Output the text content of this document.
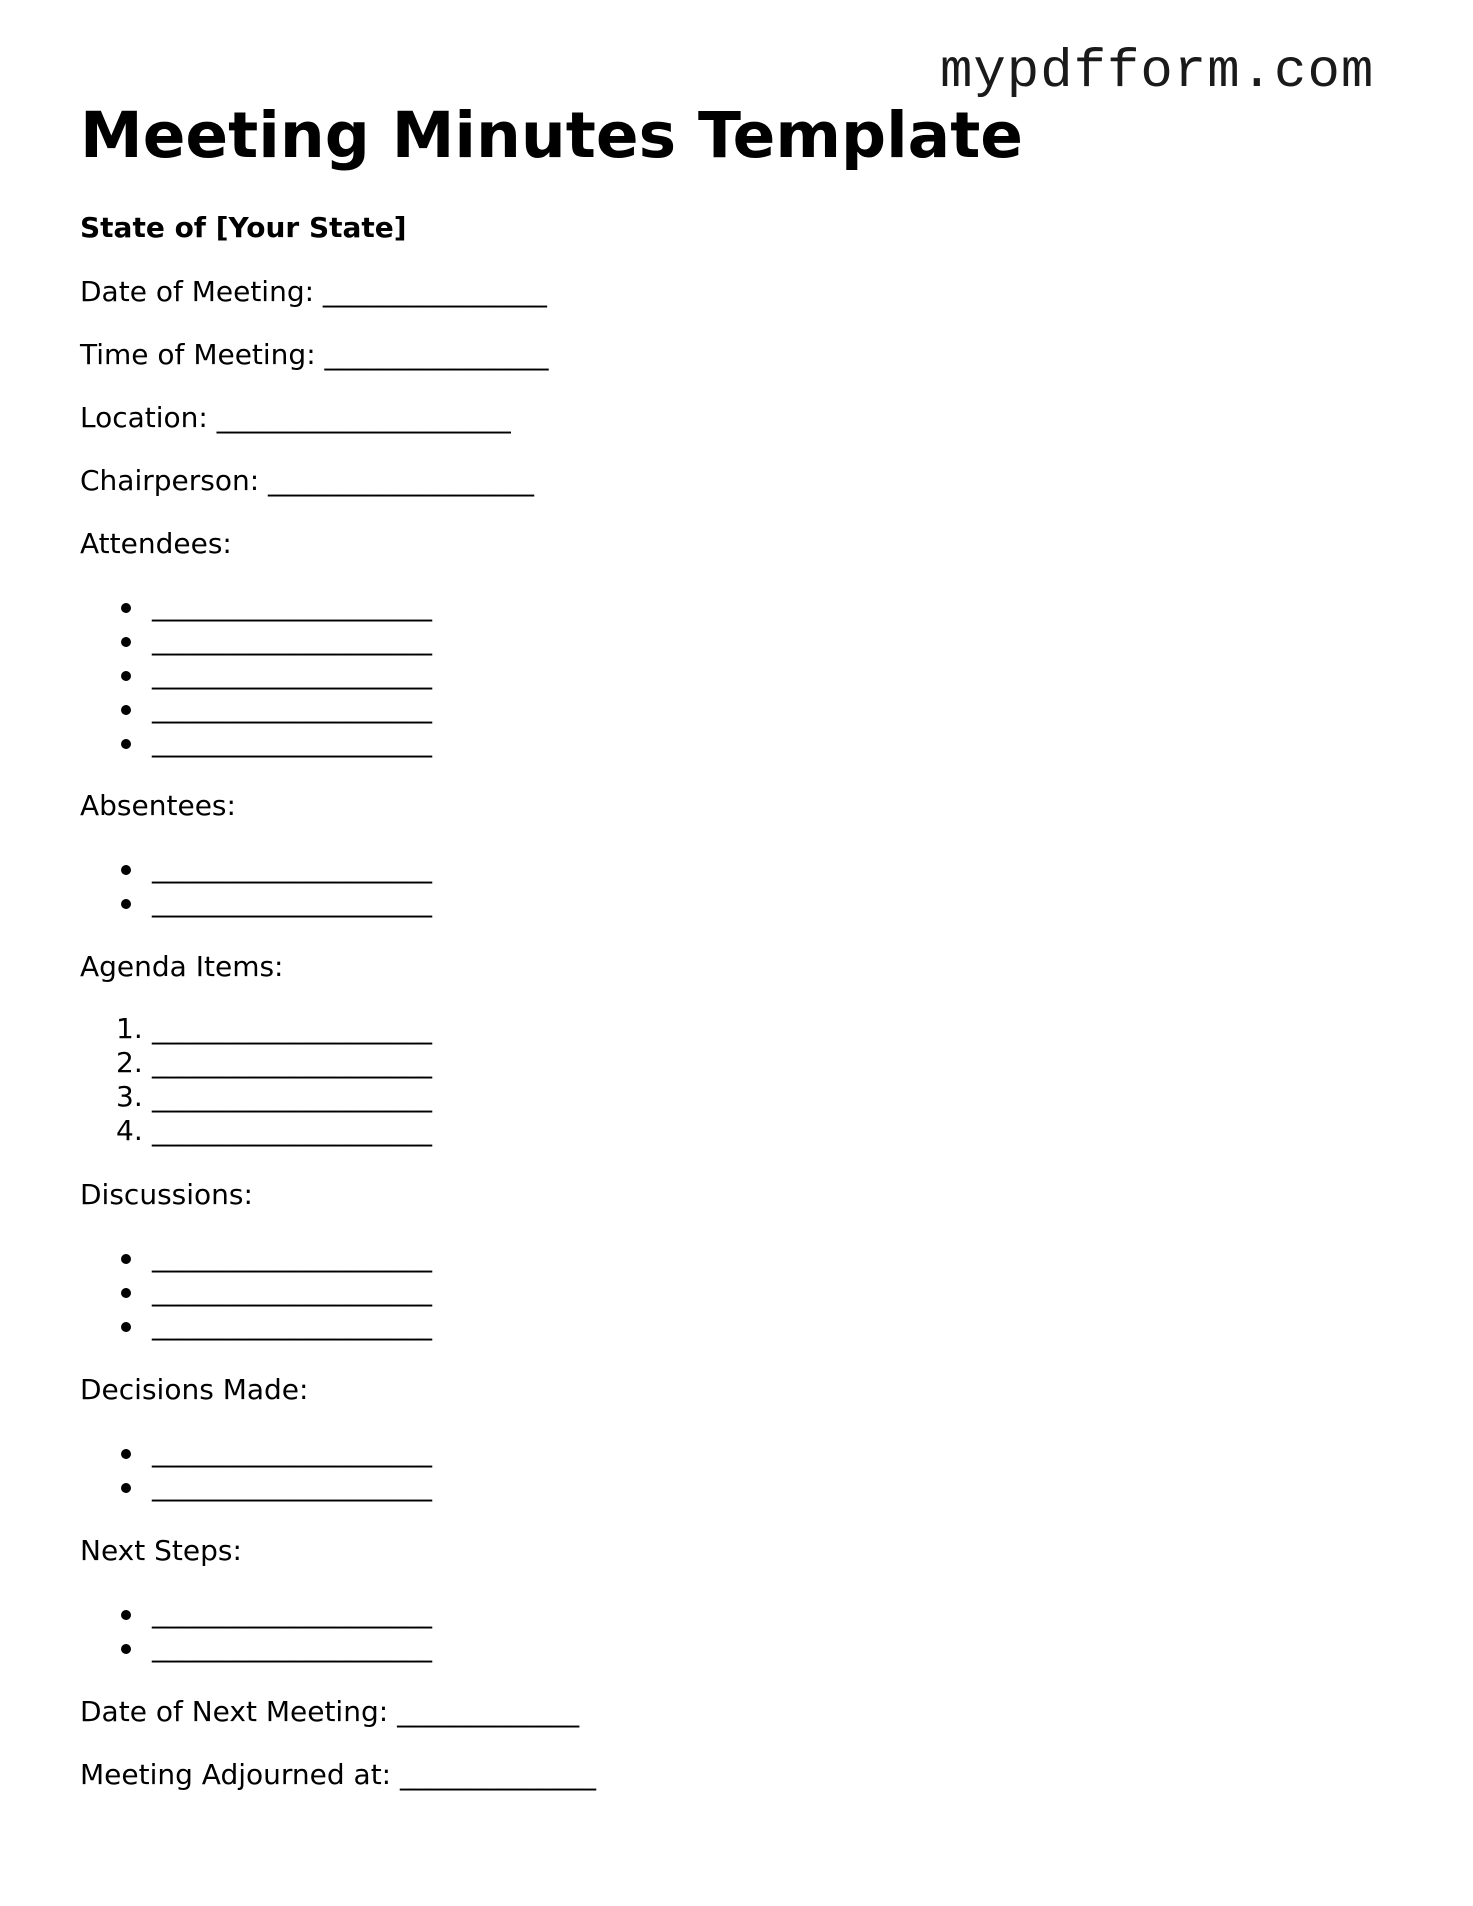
mypdfform.com
Meeting Minutes Template
State of [Your State]

Date of Meeting: ________________

Time of Meeting: ________________

Location: _____________________

Chairperson: ___________________

Attendees:

____________________
____________________
____________________
____________________
____________________

Absentees:

____________________
____________________

Agenda Items:

1. ____________________
2. ____________________
3. ____________________
4. ____________________

Discussions:

____________________
____________________
____________________

Decisions Made:

____________________
____________________

Next Steps:

____________________
____________________

Date of Next Meeting: _____________

Meeting Adjourned at: ______________
